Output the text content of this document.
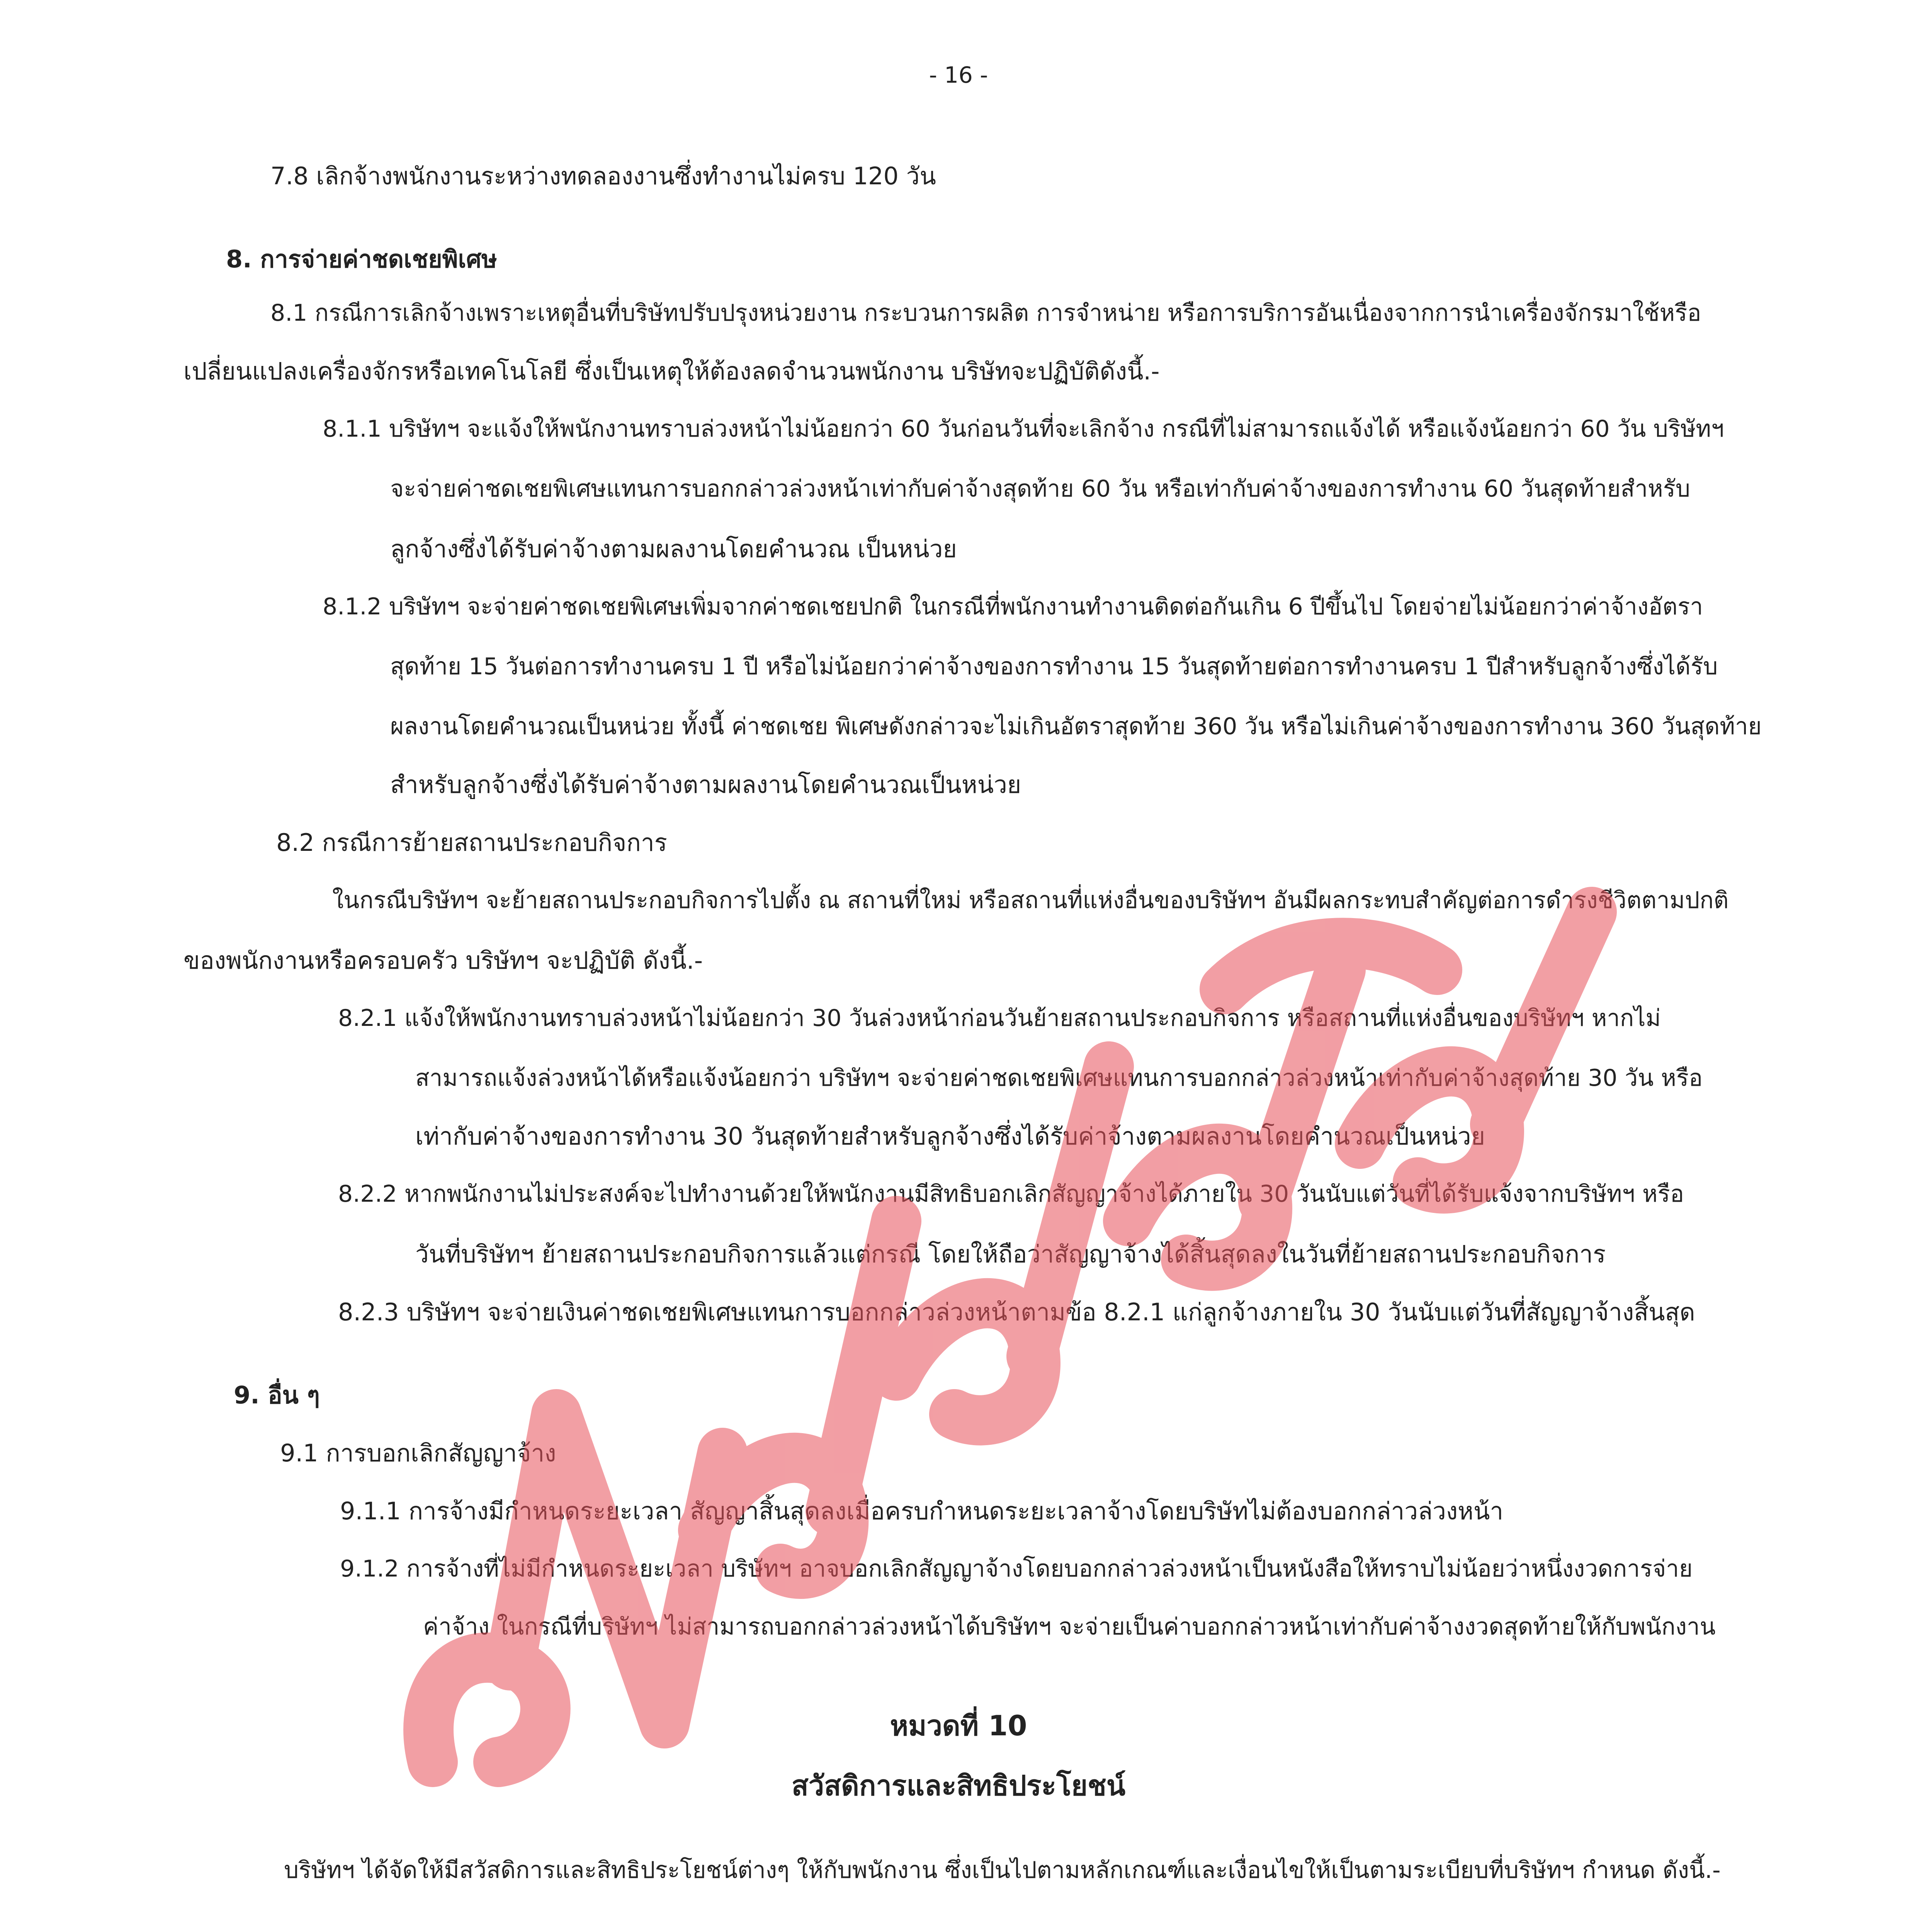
- 16 -
7.8 เลิกจ้างพนักงานระหว่างทดลองงานซึ่งทำงานไม่ครบ 120 วัน
8. การจ่ายค่าชดเชยพิเศษ
8.1 กรณีการเลิกจ้างเพราะเหตุอื่นที่บริษัทปรับปรุงหน่วยงาน กระบวนการผลิต การจำหน่าย หรือการบริการอันเนื่องจากการนำเครื่องจักรมาใช้หรือ
เปลี่ยนแปลงเครื่องจักรหรือเทคโนโลยี ซึ่งเป็นเหตุให้ต้องลดจำนวนพนักงาน บริษัทจะปฏิบัติดังนี้.-
8.1.1 บริษัทฯ จะแจ้งให้พนักงานทราบล่วงหน้าไม่น้อยกว่า 60 วันก่อนวันที่จะเลิกจ้าง กรณีที่ไม่สามารถแจ้งได้ หรือแจ้งน้อยกว่า 60 วัน บริษัทฯ
จะจ่ายค่าชดเชยพิเศษแทนการบอกกล่าวล่วงหน้าเท่ากับค่าจ้างสุดท้าย 60 วัน หรือเท่ากับค่าจ้างของการทำงาน 60 วันสุดท้ายสำหรับ
ลูกจ้างซึ่งได้รับค่าจ้างตามผลงานโดยคำนวณ เป็นหน่วย
8.1.2 บริษัทฯ จะจ่ายค่าชดเชยพิเศษเพิ่มจากค่าชดเชยปกติ ในกรณีที่พนักงานทำงานติดต่อกันเกิน 6 ปีขึ้นไป โดยจ่ายไม่น้อยกว่าค่าจ้างอัตรา
สุดท้าย 15 วันต่อการทำงานครบ 1 ปี หรือไม่น้อยกว่าค่าจ้างของการทำงาน 15 วันสุดท้ายต่อการทำงานครบ 1 ปีสำหรับลูกจ้างซึ่งได้รับ
ผลงานโดยคำนวณเป็นหน่วย ทั้งนี้ ค่าชดเชย พิเศษดังกล่าวจะไม่เกินอัตราสุดท้าย 360 วัน หรือไม่เกินค่าจ้างของการทำงาน 360 วันสุดท้าย
สำหรับลูกจ้างซึ่งได้รับค่าจ้างตามผลงานโดยคำนวณเป็นหน่วย
8.2 กรณีการย้ายสถานประกอบกิจการ
ในกรณีบริษัทฯ จะย้ายสถานประกอบกิจการไปตั้ง ณ สถานที่ใหม่ หรือสถานที่แห่งอื่นของบริษัทฯ อันมีผลกระทบสำคัญต่อการดำรงชีวิตตามปกติ
ของพนักงานหรือครอบครัว บริษัทฯ จะปฏิบัติ ดังนี้.-
8.2.1 แจ้งให้พนักงานทราบล่วงหน้าไม่น้อยกว่า 30 วันล่วงหน้าก่อนวันย้ายสถานประกอบกิจการ หรือสถานที่แห่งอื่นของบริษัทฯ หากไม่
สามารถแจ้งล่วงหน้าได้หรือแจ้งน้อยกว่า บริษัทฯ จะจ่ายค่าชดเชยพิเศษแทนการบอกกล่าวล่วงหน้าเท่ากับค่าจ้างสุดท้าย 30 วัน หรือ
เท่ากับค่าจ้างของการทำงาน 30 วันสุดท้ายสำหรับลูกจ้างซึ่งได้รับค่าจ้างตามผลงานโดยคำนวณเป็นหน่วย
8.2.2 หากพนักงานไม่ประสงค์จะไปทำงานด้วยให้พนักงานมีสิทธิบอกเลิกสัญญาจ้างได้ภายใน 30 วันนับแต่วันที่ได้รับแจ้งจากบริษัทฯ หรือ
วันที่บริษัทฯ ย้ายสถานประกอบกิจการแล้วแต่กรณี โดยให้ถือว่าสัญญาจ้างได้สิ้นสุดลงในวันที่ย้ายสถานประกอบกิจการ
8.2.3 บริษัทฯ จะจ่ายเงินค่าชดเชยพิเศษแทนการบอกกล่าวล่วงหน้าตามข้อ 8.2.1 แก่ลูกจ้างภายใน 30 วันนับแต่วันที่สัญญาจ้างสิ้นสุด
9. อื่น ๆ
9.1 การบอกเลิกสัญญาจ้าง
9.1.1 การจ้างมีกำหนดระยะเวลา สัญญาสิ้นสุดลงเมื่อครบกำหนดระยะเวลาจ้างโดยบริษัทไม่ต้องบอกกล่าวล่วงหน้า
9.1.2 การจ้างที่ไม่มีกำหนดระยะเวลา บริษัทฯ อาจบอกเลิกสัญญาจ้างโดยบอกกล่าวล่วงหน้าเป็นหนังสือให้ทราบไม่น้อยว่าหนึ่งงวดการจ่าย
ค่าจ้าง ในกรณีที่บริษัทฯ ไม่สามารถบอกกล่าวล่วงหน้าได้บริษัทฯ จะจ่ายเป็นค่าบอกกล่าวหน้าเท่ากับค่าจ้างงวดสุดท้ายให้กับพนักงาน
หมวดที่ 10
สวัสดิการและสิทธิประโยชน์
บริษัทฯ ได้จัดให้มีสวัสดิการและสิทธิประโยชน์ต่างๆ ให้กับพนักงาน ซึ่งเป็นไปตามหลักเกณฑ์และเงื่อนไขให้เป็นตามระเบียบที่บริษัทฯ กำหนด ดังนี้.-
